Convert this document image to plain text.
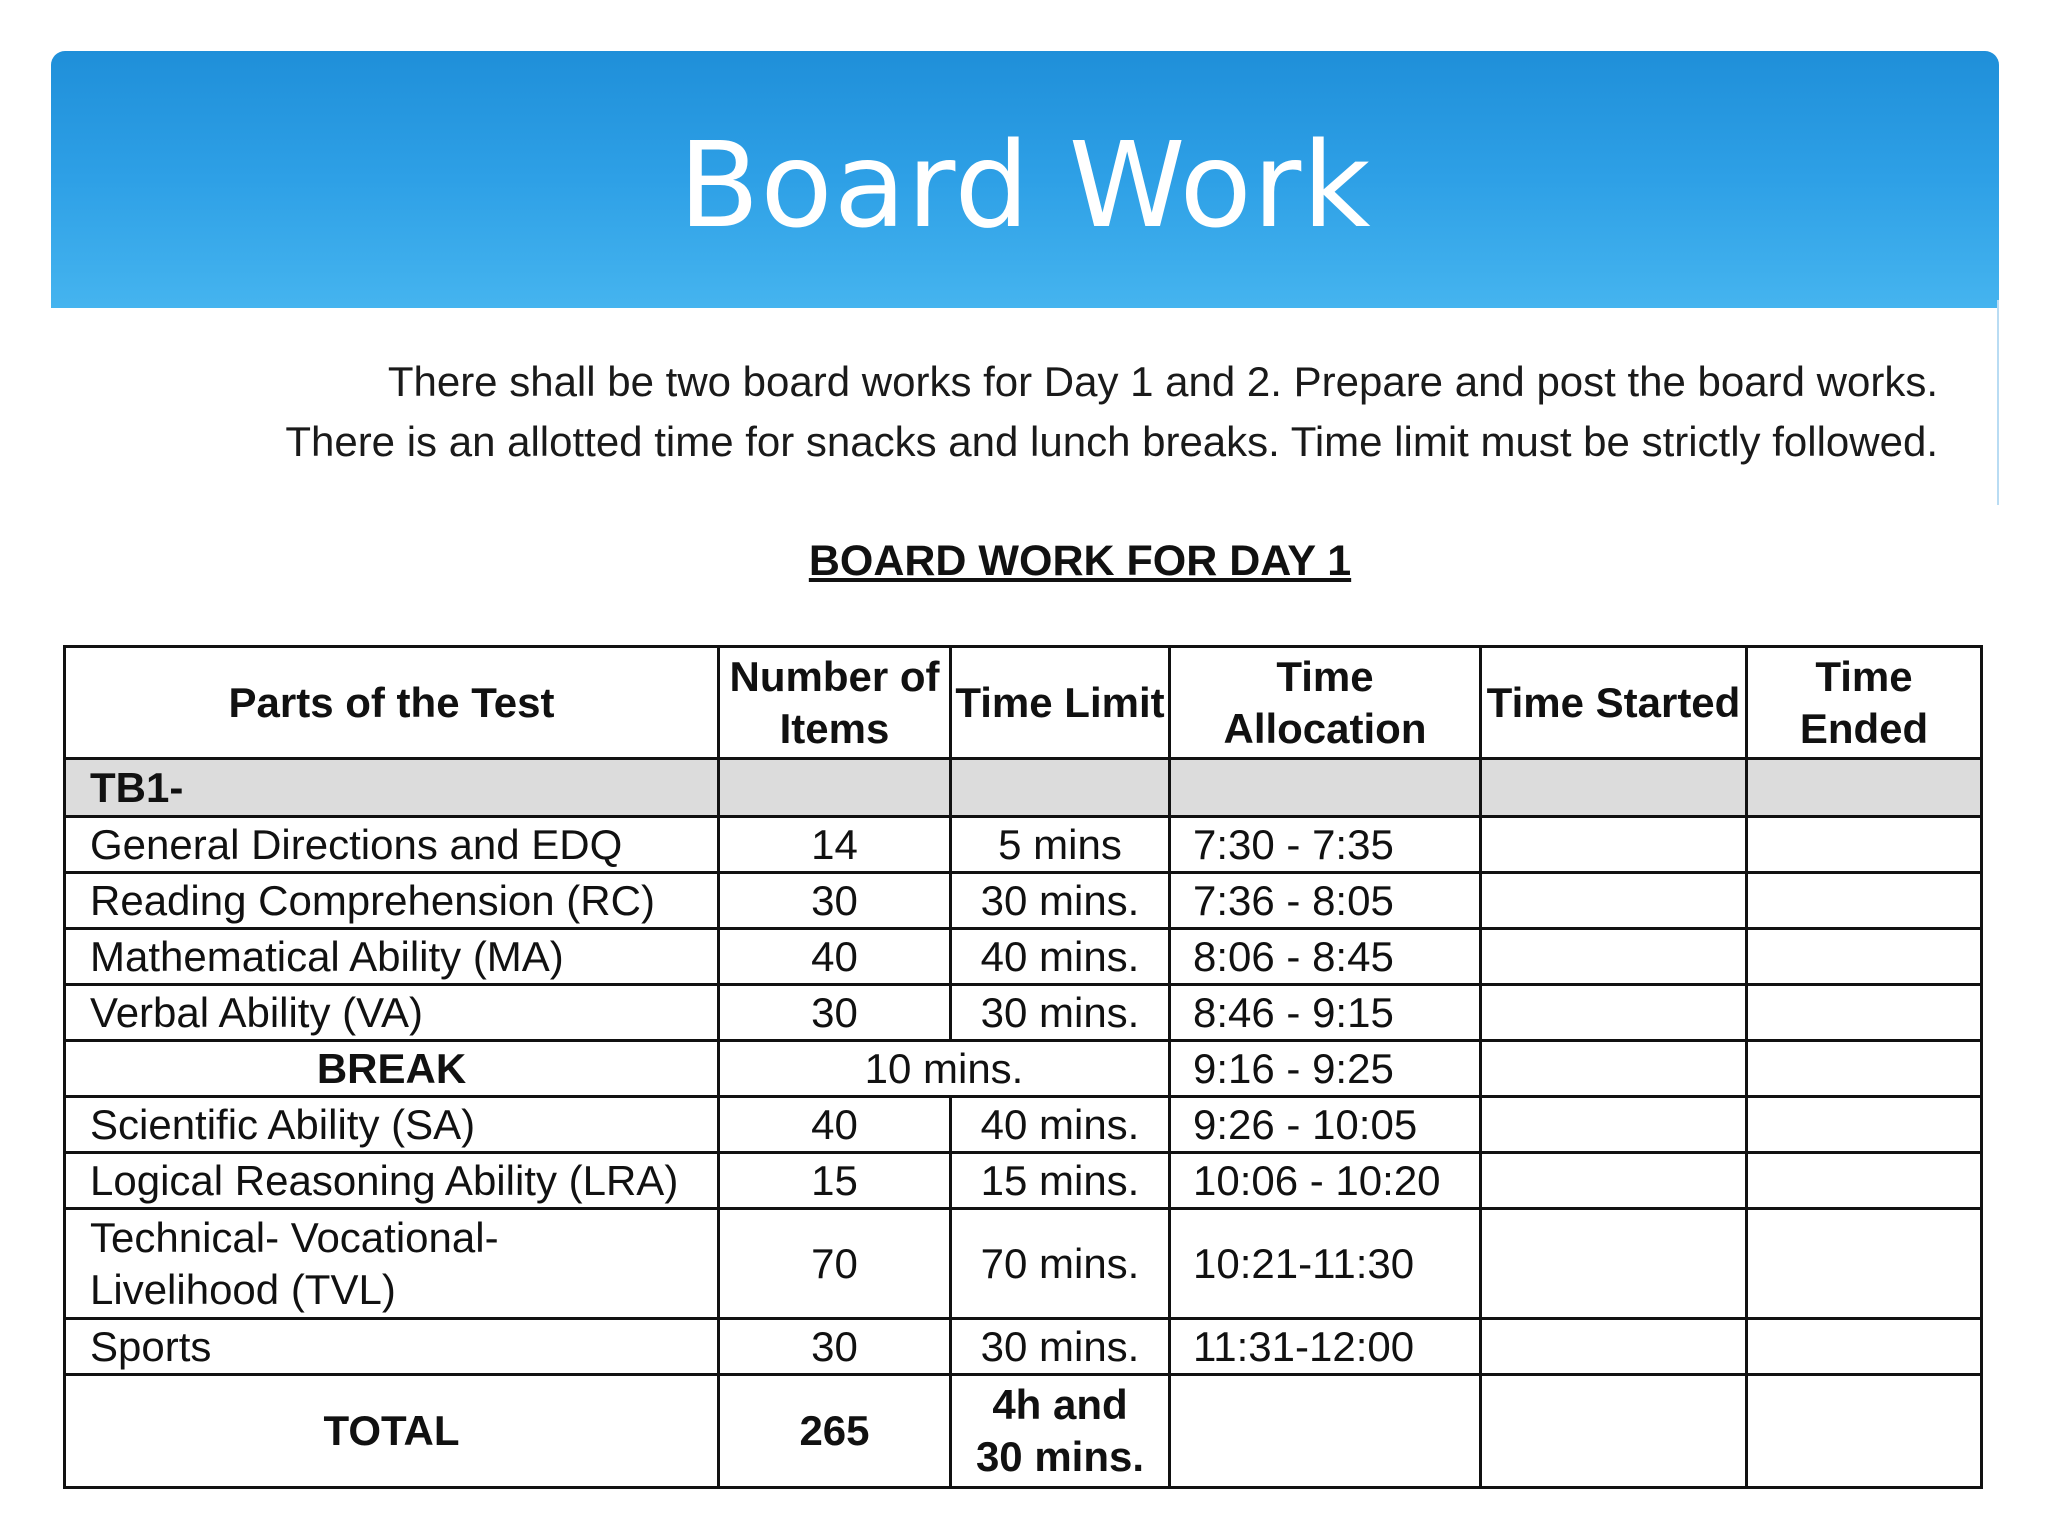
Board Work

There shall be two board works for Day 1 and 2. Prepare and post the board works.

There is an allotted time for snacks and lunch breaks. Time limit must be strictly followed.

BOARD WORK FOR DAY 1
Parts of the Test	Number of Items	Time Limit	Time Allocation	Time Started	Time Ended
TB1-					
General Directions and EDQ	14	5 mins	7:30 - 7:35		
Reading Comprehension (RC)	30	30 mins.	7:36 - 8:05		
Mathematical Ability (MA)	40	40 mins.	8:06 - 8:45		
Verbal Ability (VA)	30	30 mins.	8:46 - 9:15		
BREAK	10 mins.		9:16 - 9:25		
Scientific Ability (SA)	40	40 mins.	9:26 - 10:05		
Logical Reasoning Ability (LRA)	15	15 mins.	10:06 - 10:20		
Technical- Vocational-
Livelihood (TVL)	70	70 mins.	10:21-11:30		
Sports	30	30 mins.	11:31-12:00		
TOTAL	265	4h and
30 mins.			
